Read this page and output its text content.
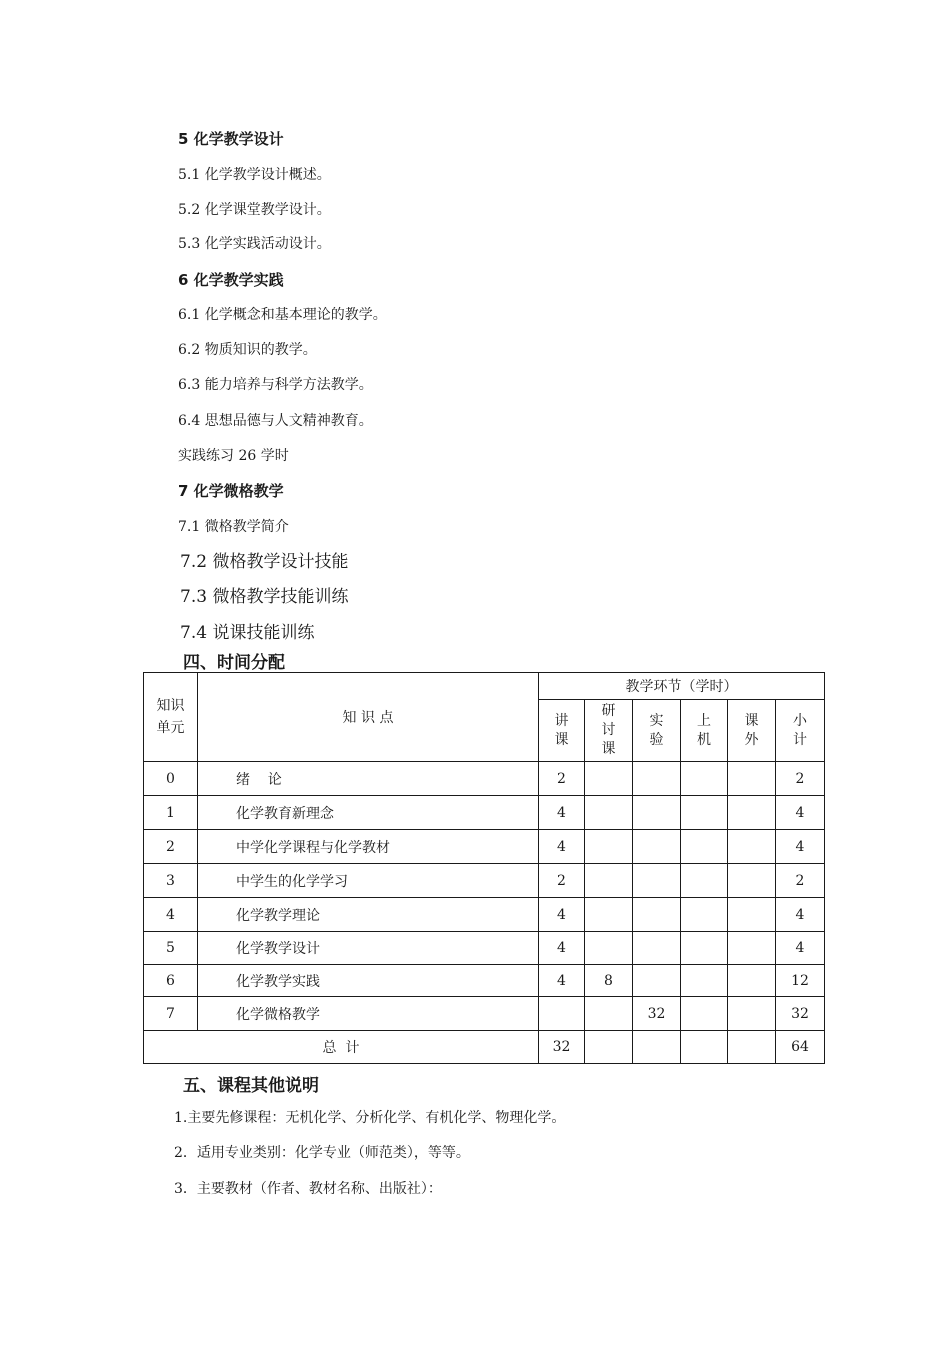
5 化学教学设计
5.1 化学教学设计概述。
5.2 化学课堂教学设计。
5.3 化学实践活动设计。
6 化学教学实践
6.1 化学概念和基本理论的教学。
6.2 物质知识的教学。
6.3 能力培养与科学方法教学。
6.4 思想品德与人文精神教育。
实践练习 26 学时
7 化学微格教学
7.1 微格教学简介
7.2 微格教学设计技能
7.3 微格教学技能训练
7.4 说课技能训练
四、时间分配
知识单元	知 识 点	教学环节（学时）					
		讲课	研讨课	实验	上机	课外	小计
0	绪    论	2					2
1	化学教育新理念	4					4
2	中学化学课程与化学教材	4					4
3	中学生的化学学习	2					2
4	化学教学理论	4					4
5	化学教学设计	4					4
6	化学教学实践	4	8				12
7	化学微格教学			32			32
总  计		32					64
五、课程其他说明
1.主要先修课程：无机化学、分析化学、有机化学、物理化学。
2．适用专业类别：化学专业（师范类），等等。
3．主要教材（作者、教材名称、出版社）：
